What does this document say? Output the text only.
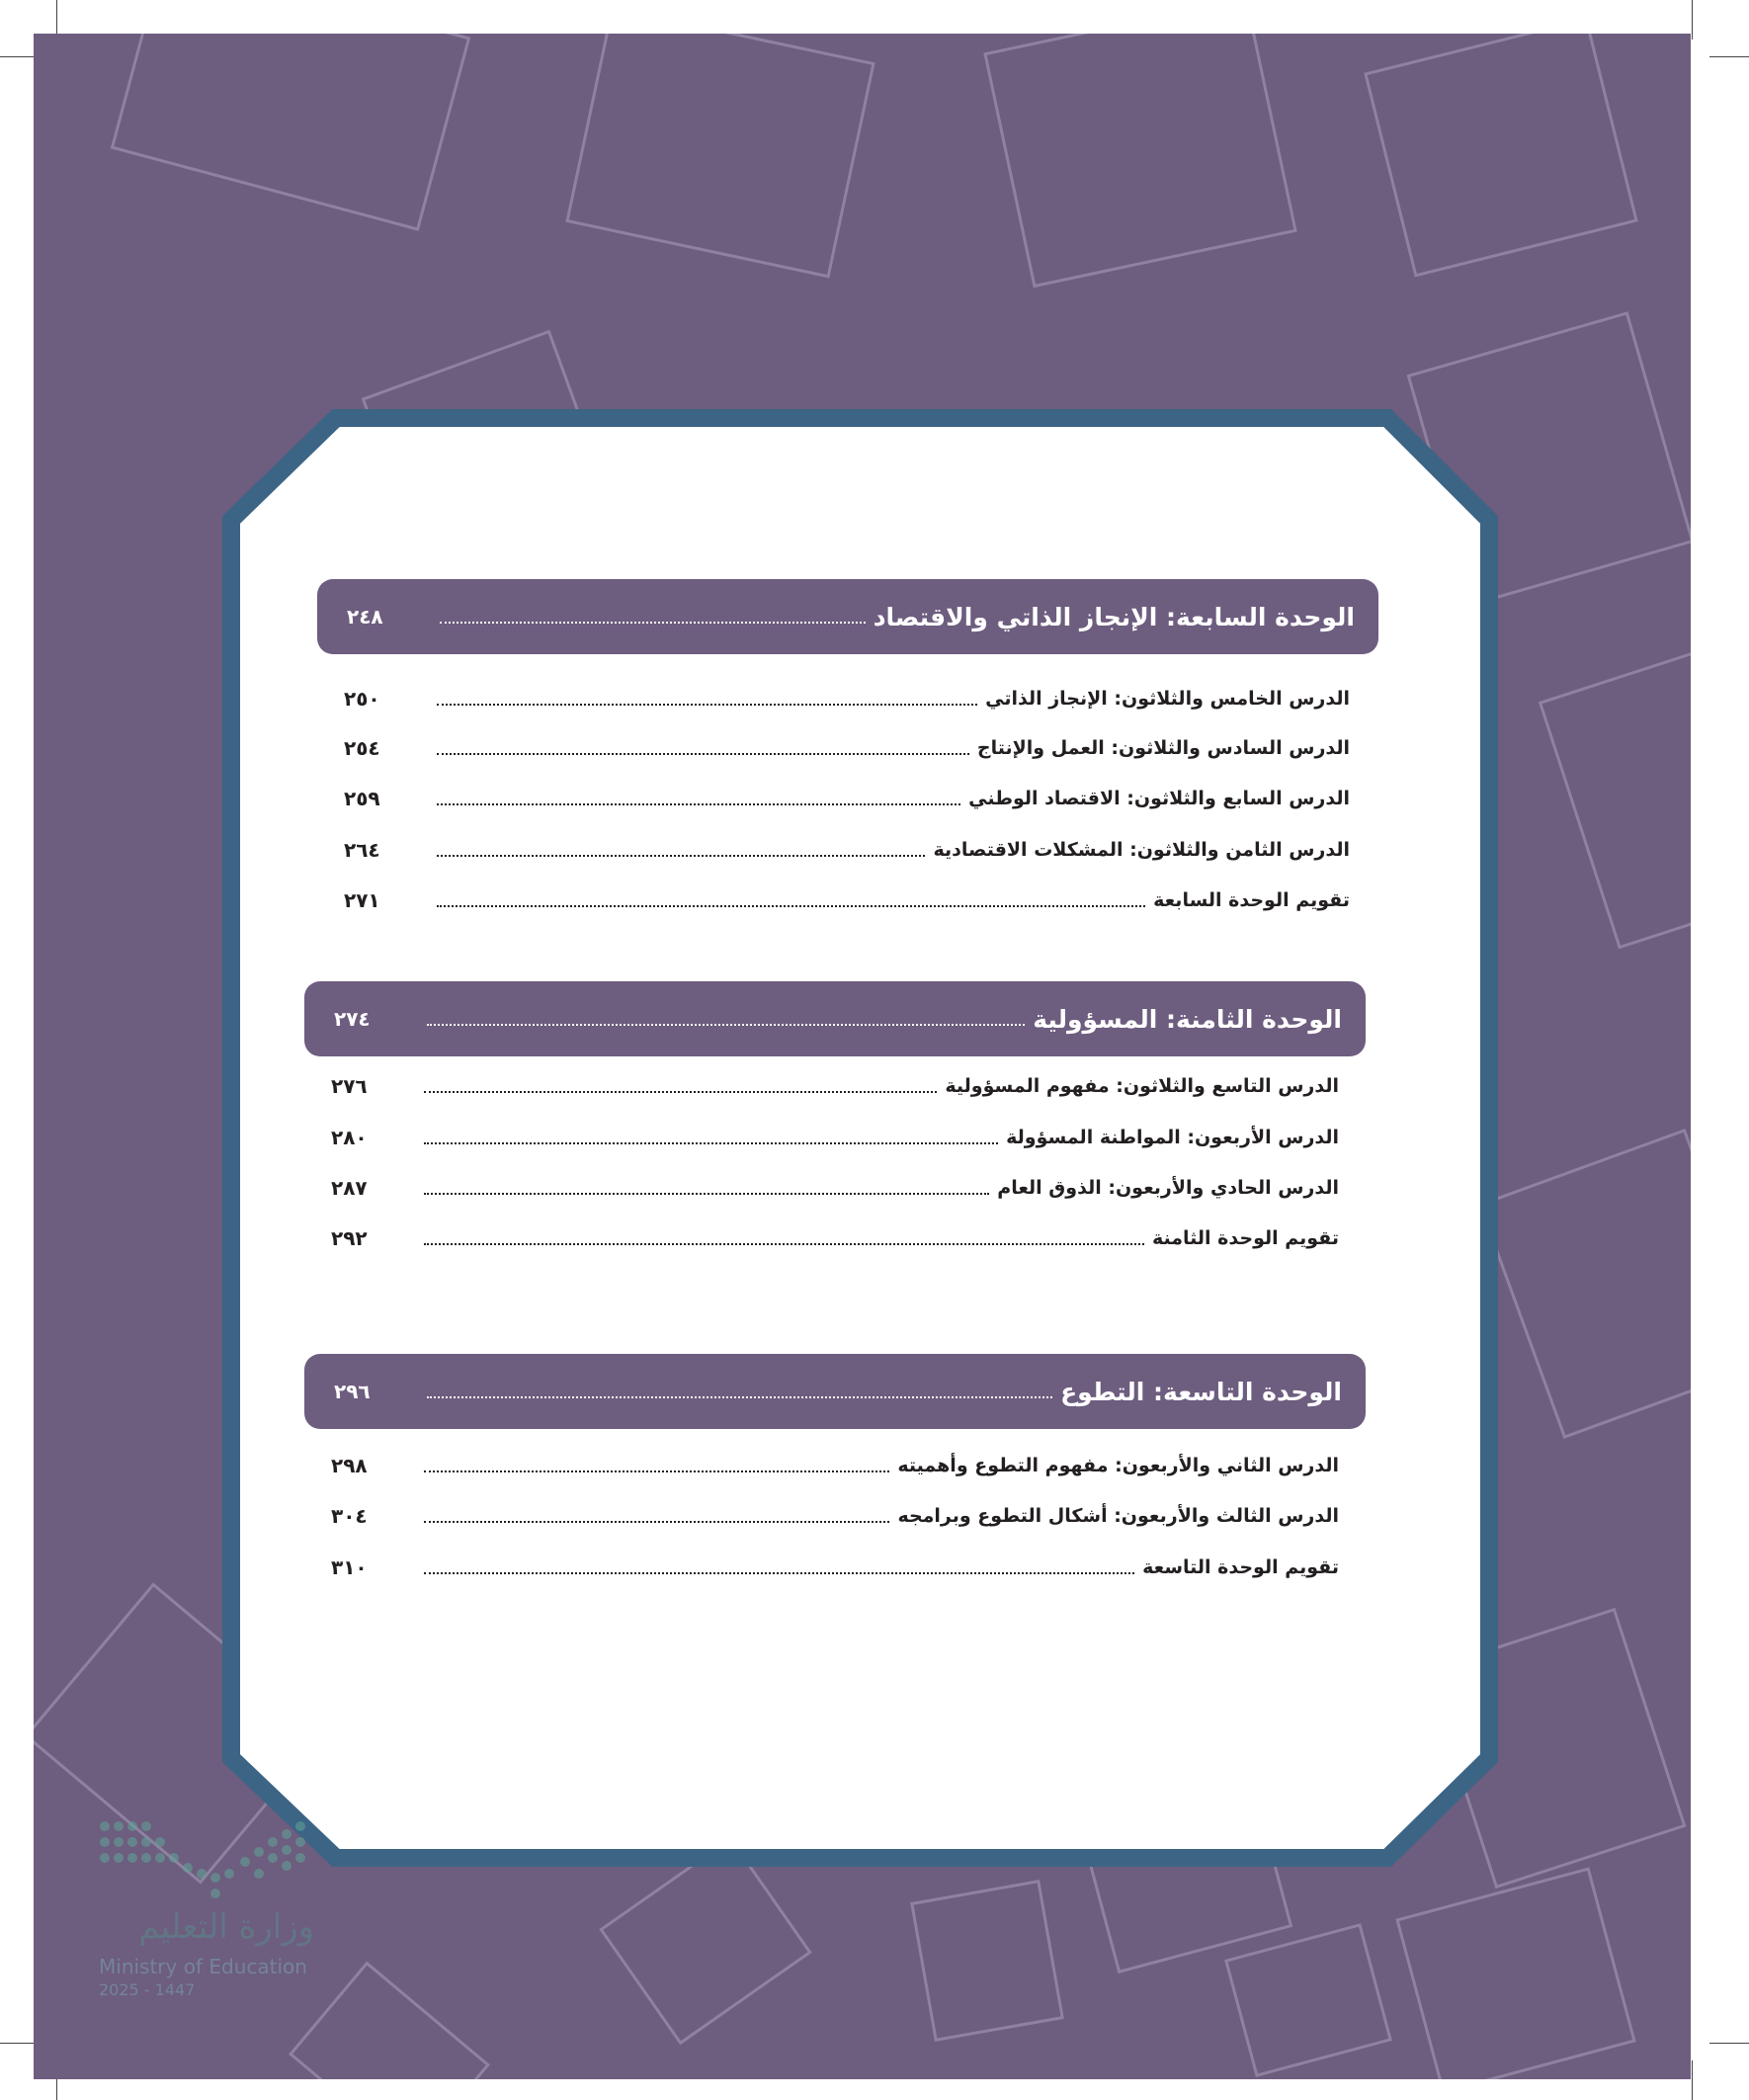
الوحدة السابعة: الإنجاز الذاتي والاقتصاد
٢٤٨
الدرس الخامس والثلاثون: الإنجاز الذاتي
٢٥٠
الدرس السادس والثلاثون: العمل والإنتاج
٢٥٤
الدرس السابع والثلاثون: الاقتصاد الوطني
٢٥٩
الدرس الثامن والثلاثون: المشكلات الاقتصادية
٢٦٤
تقويم الوحدة السابعة
٢٧١
الوحدة الثامنة: المسؤولية
٢٧٤
الدرس التاسع والثلاثون: مفهوم المسؤولية
٢٧٦
الدرس الأربعون: المواطنة المسؤولة
٢٨٠
الدرس الحادي والأربعون: الذوق العام
٢٨٧
تقويم الوحدة الثامنة
٢٩٢
الوحدة التاسعة: التطوع
٢٩٦
الدرس الثاني والأربعون: مفهوم التطوع وأهميته
٢٩٨
الدرس الثالث والأربعون: أشكال التطوع وبرامجه
٣٠٤
تقويم الوحدة التاسعة
٣١٠
وزارة التعليم
Ministry of Education
2025 - 1447
